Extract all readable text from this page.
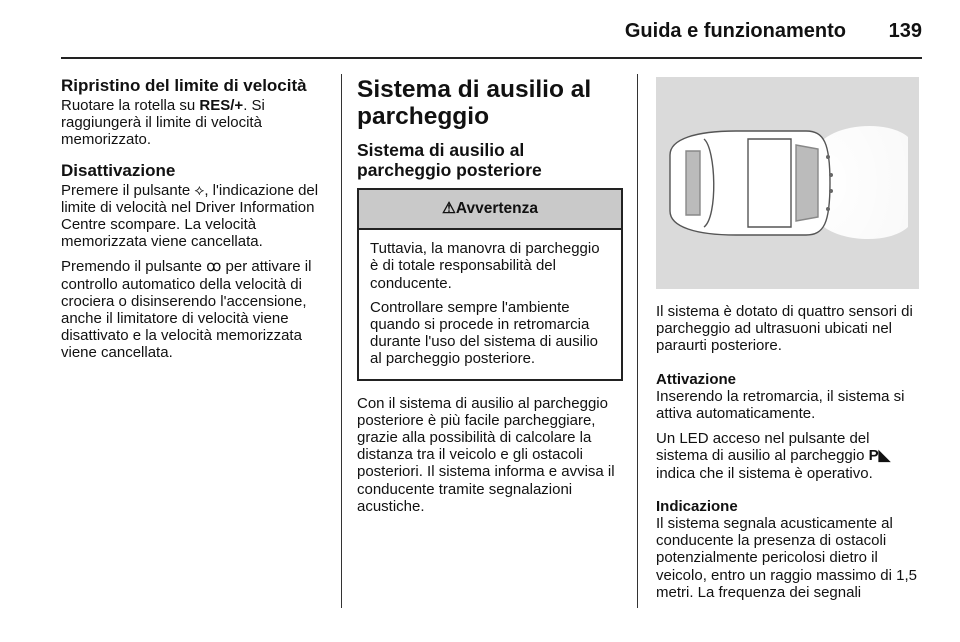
Guida e funzionamento	139
Ripristino del limite di velocità

Ruotare la rotella su RES/+. Si raggiungerà il limite di velocità memorizzato.

Disattivazione

Premere il pulsante ⟡, l'indicazione del limite di velocità nel Driver Information Centre scompare. La velocità memorizzata viene cancellata.

Premendo il pulsante ꝏ per attivare il controllo automatico della velocità di crociera o disinserendo l'accensione, anche il limitatore di velocità viene disattivato e la velocità memorizzata viene cancellata.

Sistema di ausilio al parcheggio
Sistema di ausilio al parcheggio posteriore
⚠Avvertenza

Tuttavia, la manovra di parcheggio è di totale responsabilità del conducente.

Controllare sempre l'ambiente quando si procede in retromarcia durante l'uso del sistema di ausilio al parcheggio posteriore.

Con il sistema di ausilio al parcheggio posteriore è più facile parcheggiare, grazie alla possibilità di calcolare la distanza tra il veicolo e gli ostacoli posteriori. Il sistema informa e avvisa il conducente tramite segnalazioni acustiche.

Il sistema è dotato di quattro sensori di parcheggio ad ultrasuoni ubicati nel paraurti posteriore.

Attivazione

Inserendo la retromarcia, il sistema si attiva automaticamente.

Un LED acceso nel pulsante del sistema di ausilio al parcheggio P◣ indica che il sistema è operativo.

Indicazione

Il sistema segnala acusticamente al conducente la presenza di ostacoli potenzialmente pericolosi dietro il veicolo, entro un raggio massimo di 1,5 metri. La frequenza dei segnali
